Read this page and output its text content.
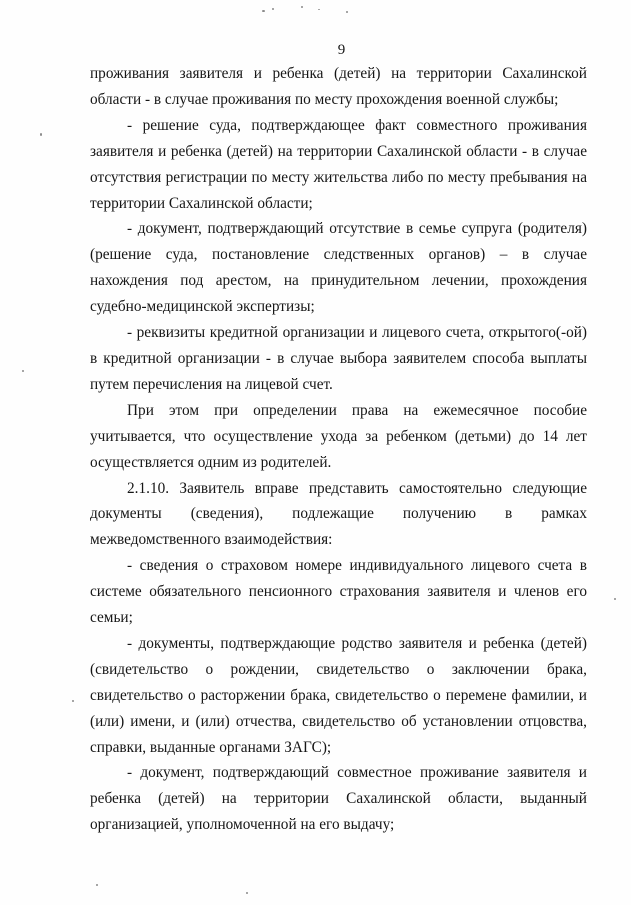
9

проживания заявителя и ребенка (детей) на территории Сахалинской области - в случае проживания по месту прохождения военной службы;

- решение суда, подтверждающее факт совместного проживания заявителя и ребенка (детей) на территории Сахалинской области - в случае отсутствия регистрации по месту жительства либо по месту пребывания на территории Сахалинской области;

- документ, подтверждающий отсутствие в семье супруга (родителя) (решение суда, постановление следственных органов) – в случае нахождения под арестом, на принудительном лечении, прохождения судебно-медицинской экспертизы;

- реквизиты кредитной организации и лицевого счета, открытого(-ой) в кредитной организации - в случае выбора заявителем способа выплаты путем перечисления на лицевой счет.

При этом при определении права на ежемесячное пособие учитывается, что осуществление ухода за ребенком (детьми) до 14 лет осуществляется одним из родителей.

2.1.10. Заявитель вправе представить самостоятельно следующие документы (сведения), подлежащие получению в рамках межведомственного взаимодействия:

- сведения о страховом номере индивидуального лицевого счета в системе обязательного пенсионного страхования заявителя и членов его семьи;

- документы, подтверждающие родство заявителя и ребенка (детей) (свидетельство о рождении, свидетельство о заключении брака, свидетельство о расторжении брака, свидетельство о перемене фамилии, и (или) имени, и (или) отчества, свидетельство об установлении отцовства, справки, выданные органами ЗАГС);

- документ, подтверждающий совместное проживание заявителя и ребенка (детей) на территории Сахалинской области, выданный организацией, уполномоченной на его выдачу;
